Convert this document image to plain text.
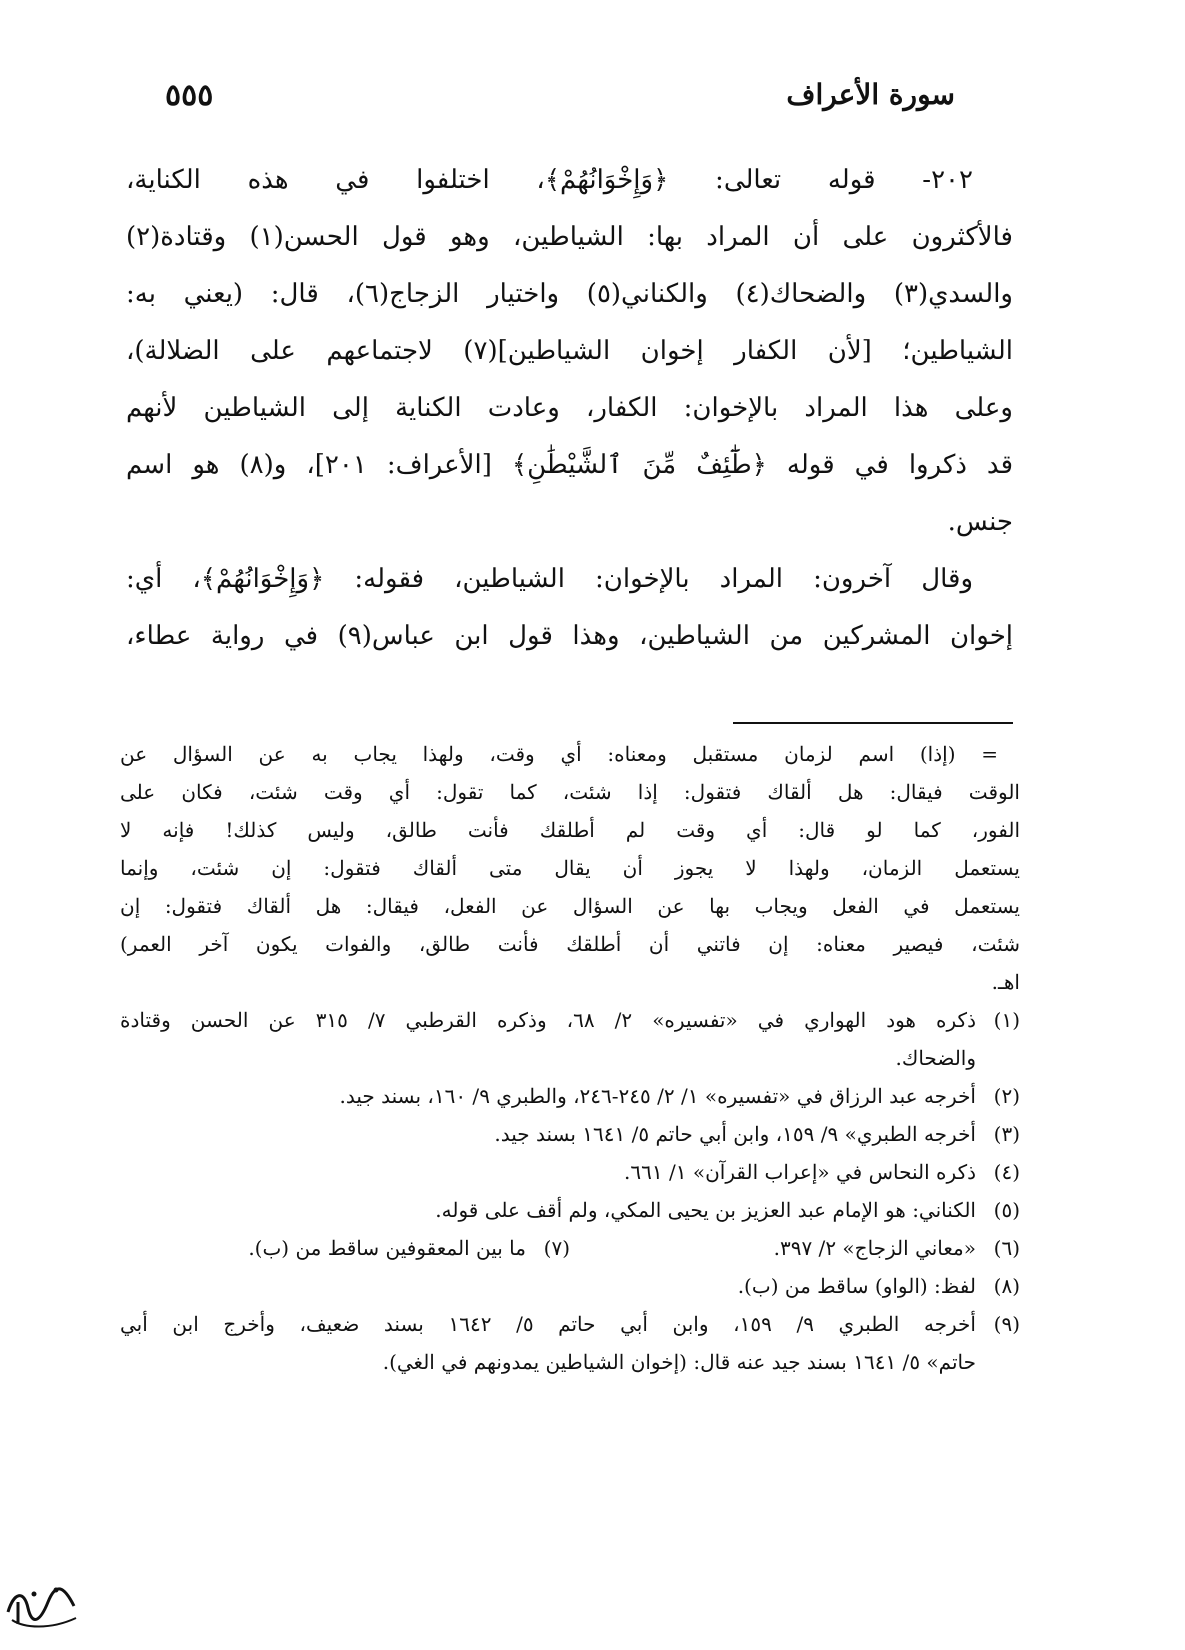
سورة الأعراف
٥٥٥
٢٠٢- قوله تعالى: ﴿وَإِخْوَانُهُمْ﴾، اختلفوا في هذه الكناية،
فالأكثرون على أن المراد بها: الشياطين، وهو قول الحسن(١) وقتادة(٢)
والسدي(٣) والضحاك(٤) والكناني(٥) واختيار الزجاج(٦)، قال: (يعني به:
الشياطين؛ [لأن الكفار إخوان الشياطين](٧) لاجتماعهم على الضلالة)،
وعلى هذا المراد بالإخوان: الكفار، وعادت الكناية إلى الشياطين لأنهم
قد ذكروا في قوله ﴿طَٰٓئِفٌ مِّنَ ٱلشَّيْطَٰنِ﴾ [الأعراف: ٢٠١]، و(٨) هو اسم
جنس.
وقال آخرون: المراد بالإخوان: الشياطين، فقوله: ﴿وَإِخْوَانُهُمْ﴾، أي:
إخوان المشركين من الشياطين، وهذا قول ابن عباس(٩) في رواية عطاء،
= (إذا) اسم لزمان مستقبل ومعناه: أي وقت، ولهذا يجاب به عن السؤال عن
الوقت فيقال: هل ألقاك فتقول: إذا شئت، كما تقول: أي وقت شئت، فكان على
الفور، كما لو قال: أي وقت لم أطلقك فأنت طالق، وليس كذلك! فإنه لا
يستعمل الزمان، ولهذا لا يجوز أن يقال متى ألقاك فتقول: إن شئت، وإنما
يستعمل في الفعل ويجاب بها عن السؤال عن الفعل، فيقال: هل ألقاك فتقول: إن
شئت، فيصير معناه: إن فاتني أن أطلقك فأنت طالق، والفوات يكون آخر العمر)
اهـ.
(١)
ذكره هود الهواري في «تفسيره» ٢/ ٦٨، وذكره القرطبي ٧/ ٣١٥ عن الحسن وقتادة
والضحاك.
(٢)
أخرجه عبد الرزاق في «تفسيره» ١/ ٢/ ٢٤٥-٢٤٦، والطبري ٩/ ١٦٠، بسند جيد.
(٣)
أخرجه الطبري» ٩/ ١٥٩، وابن أبي حاتم ٥/ ١٦٤١ بسند جيد.
(٤)
ذكره النحاس في «إعراب القرآن» ١/ ٦٦١.
(٥)
الكناني: هو الإمام عبد العزيز بن يحيى المكي، ولم أقف على قوله.
(٦)
«معاني الزجاج» ٢/ ٣٩٧.
(٧)
ما بين المعقوفين ساقط من (ب).
(٨)
لفظ: (الواو) ساقط من (ب).
(٩)
أخرجه الطبري ٩/ ١٥٩، وابن أبي حاتم ٥/ ١٦٤٢ بسند ضعيف، وأخرج ابن أبي
حاتم» ٥/ ١٦٤١ بسند جيد عنه قال: (إخوان الشياطين يمدونهم في الغي).
